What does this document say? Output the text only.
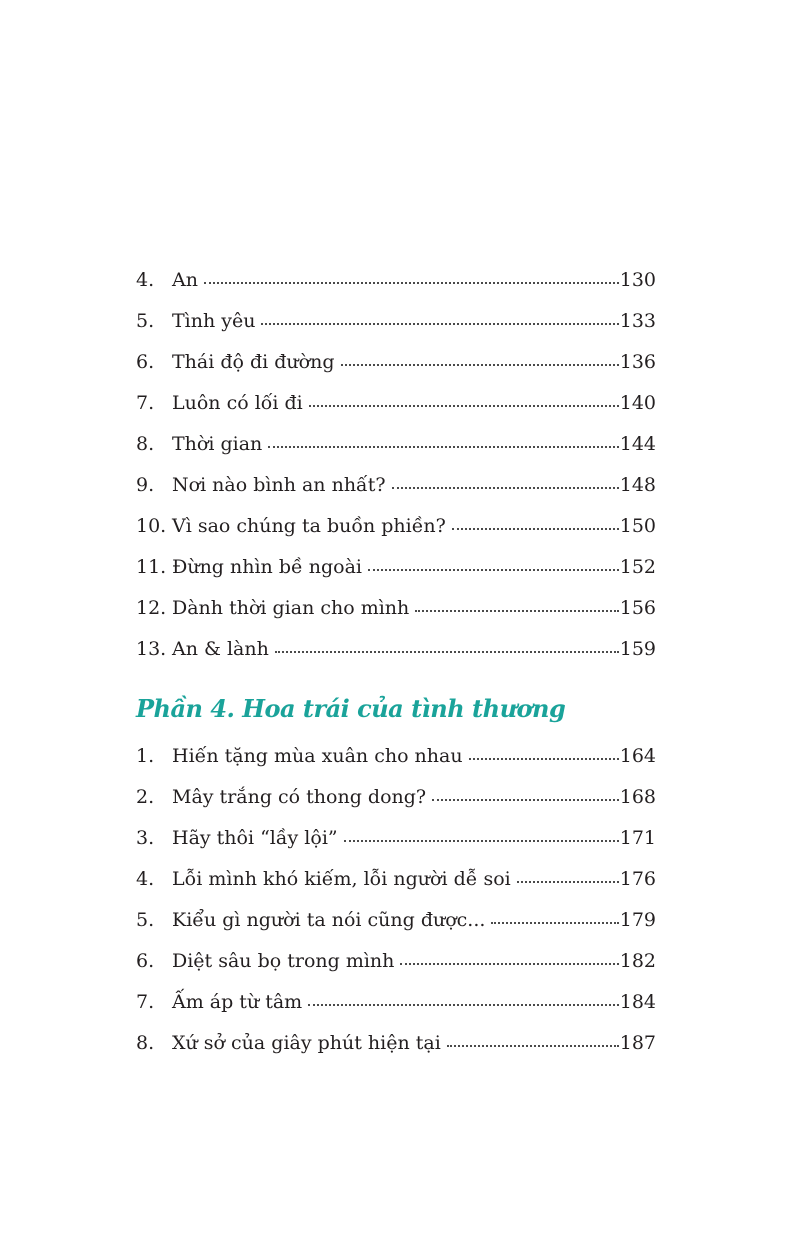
4. An	130
5. Tình yêu	133
6. Thái độ đi đường	136
7. Luôn có lối đi	140
8. Thời gian	144
9. Nơi nào bình an nhất?	148
10. Vì sao chúng ta buồn phiền?	150
11. Đừng nhìn bề ngoài	152
12. Dành thời gian cho mình	156
13. An & lành	159
Phần 4. Hoa trái của tình thương
1. Hiến tặng mùa xuân cho nhau	164
2. Mây trắng có thong dong?	168
3. Hãy thôi “lầy lội”	171
4. Lỗi mình khó kiếm, lỗi người dễ soi	176
5. Kiểu gì người ta nói cũng được...	179
6. Diệt sâu bọ trong mình	182
7. Ấm áp từ tâm	184
8. Xứ sở của giây phút hiện tại	187
